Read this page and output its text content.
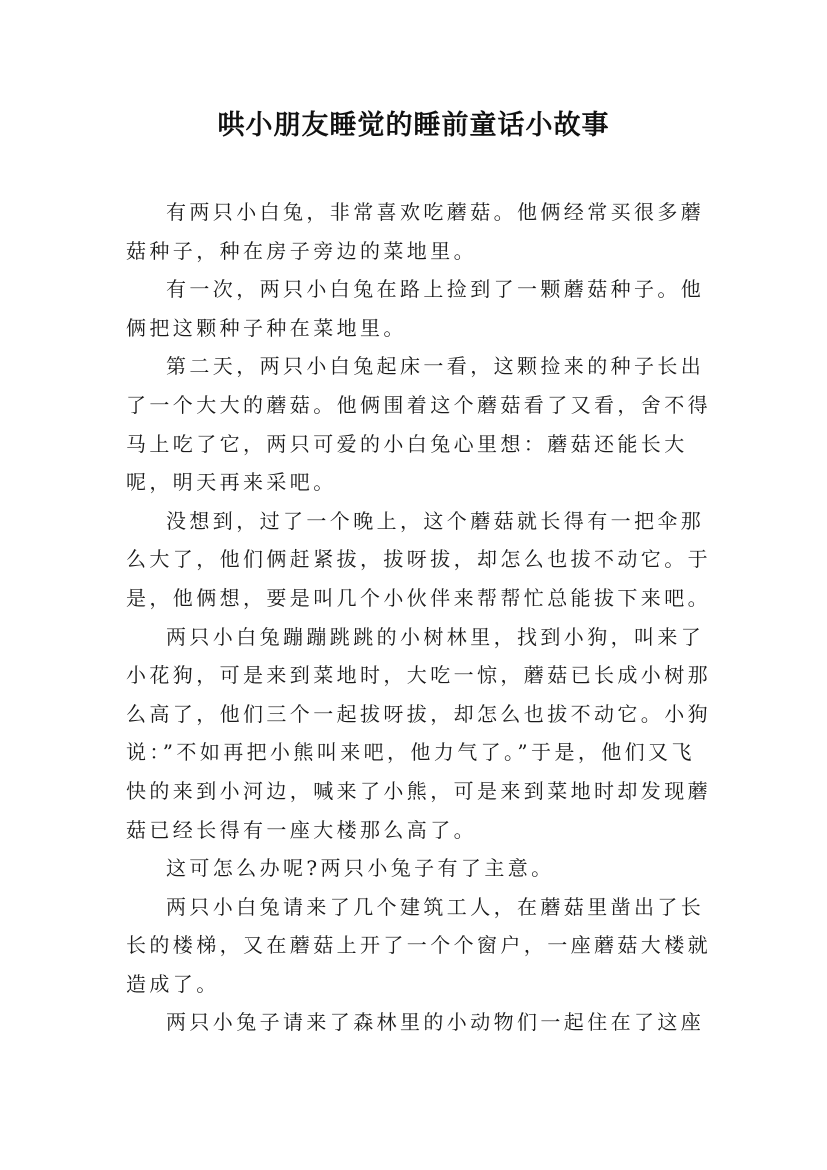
哄小朋友睡觉的睡前童话小故事

有两只小白兔，非常喜欢吃蘑菇。他俩经常买很多蘑菇种子，种在房子旁边的菜地里。

有一次，两只小白兔在路上捡到了一颗蘑菇种子。他俩把这颗种子种在菜地里。

第二天，两只小白兔起床一看，这颗捡来的种子长出了一个大大的蘑菇。他俩围着这个蘑菇看了又看，舍不得马上吃了它，两只可爱的小白兔心里想：蘑菇还能长大呢，明天再来采吧。

没想到，过了一个晚上，这个蘑菇就长得有一把伞那么大了，他们俩赶紧拔，拔呀拔，却怎么也拔不动它。于是，他俩想，要是叫几个小伙伴来帮帮忙总能拔下来吧。

两只小白兔蹦蹦跳跳的小树林里，找到小狗，叫来了小花狗，可是来到菜地时，大吃一惊，蘑菇已长成小树那么高了，他们三个一起拔呀拔，却怎么也拔不动它。小狗说：”不如再把小熊叫来吧，他力气了。”于是，他们又飞快的来到小河边，喊来了小熊，可是来到菜地时却发现蘑菇已经长得有一座大楼那么高了。

这可怎么办呢?两只小兔子有了主意。

两只小白兔请来了几个建筑工人，在蘑菇里凿出了长长的楼梯，又在蘑菇上开了一个个窗户，一座蘑菇大楼就造成了。

两只小兔子请来了森林里的小动物们一起住在了这座
